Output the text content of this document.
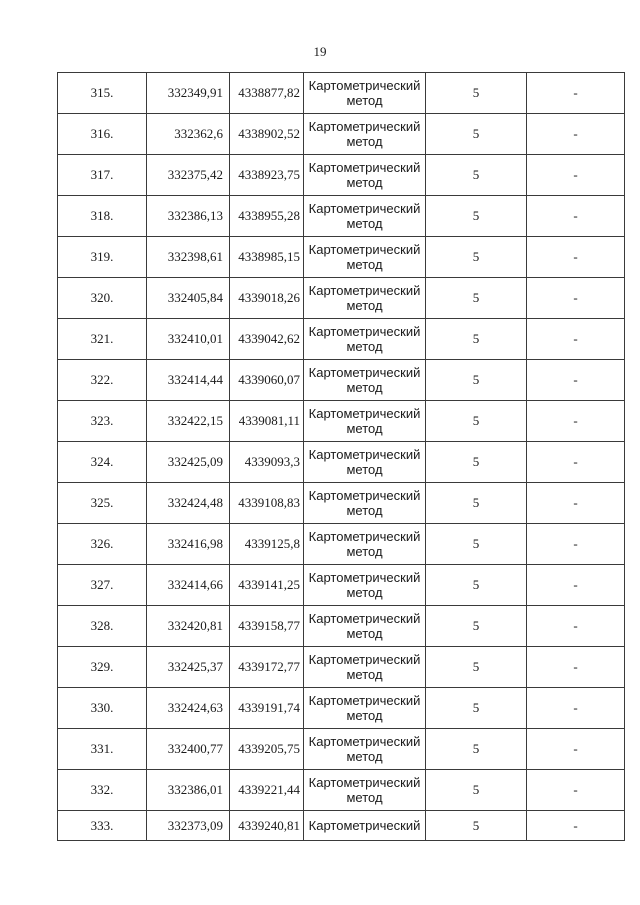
19
315.	332349,91	4338877,82	Картометрический метод	5	-
316.	332362,6	4338902,52	Картометрический метод	5	-
317.	332375,42	4338923,75	Картометрический метод	5	-
318.	332386,13	4338955,28	Картометрический метод	5	-
319.	332398,61	4338985,15	Картометрический метод	5	-
320.	332405,84	4339018,26	Картометрический метод	5	-
321.	332410,01	4339042,62	Картометрический метод	5	-
322.	332414,44	4339060,07	Картометрический метод	5	-
323.	332422,15	4339081,11	Картометрический метод	5	-
324.	332425,09	4339093,3	Картометрический метод	5	-
325.	332424,48	4339108,83	Картометрический метод	5	-
326.	332416,98	4339125,8	Картометрический метод	5	-
327.	332414,66	4339141,25	Картометрический метод	5	-
328.	332420,81	4339158,77	Картометрический метод	5	-
329.	332425,37	4339172,77	Картометрический метод	5	-
330.	332424,63	4339191,74	Картометрический метод	5	-
331.	332400,77	4339205,75	Картометрический метод	5	-
332.	332386,01	4339221,44	Картометрический метод	5	-
333.	332373,09	4339240,81	Картометрический	5	-
